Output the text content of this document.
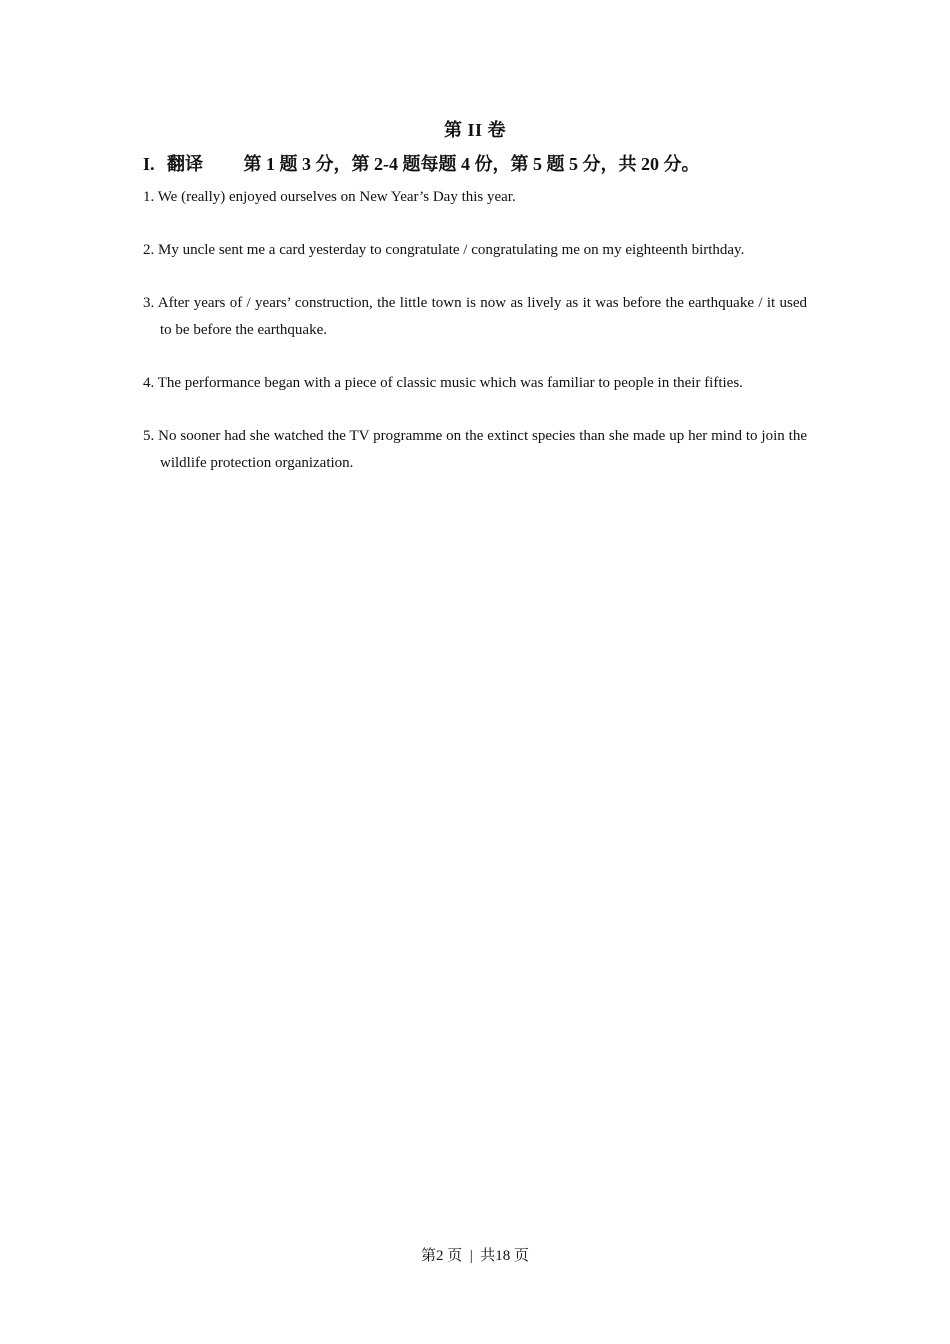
第 II 卷
I. 翻译 第 1 题 3 分，第 2-4 题每题 4 份，第 5 题 5 分，共 20 分。

1. We (really) enjoyed ourselves on New Year’s Day this year.

2. My uncle sent me a card yesterday to congratulate / congratulating me on my eighteenth birthday.

3. After years of / years’ construction, the little town is now as lively as it was before the earthquake / it used to be before the earthquake.

4. The performance began with a piece of classic music which was familiar to people in their fifties.

5. No sooner had she watched the TV programme on the extinct species than she made up her mind to join the wildlife protection organization.

第2 页  |  共18 页
